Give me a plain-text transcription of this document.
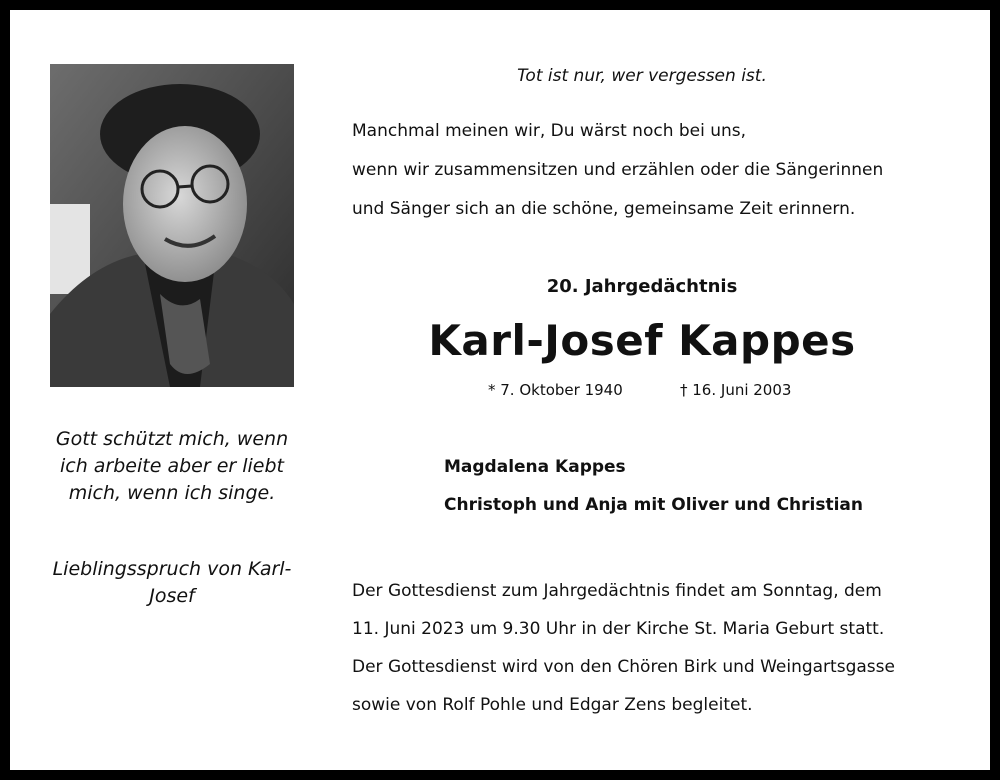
Gott schützt mich, wenn ich arbeite aber er liebt mich, wenn ich singe.
Lieblingsspruch von Karl-Josef
Tot ist nur, wer vergessen ist.
Manchmal meinen wir, Du wärst noch bei uns,
wenn wir zusammensitzen und erzählen oder die Sängerinnen
und Sänger sich an die schöne, gemeinsame Zeit erinnern.
20. Jahrgedächtnis
Karl-Josef Kappes
* 7. Oktober 1940	† 16. Juni 2003
Magdalena Kappes
Christoph und Anja mit Oliver und Christian
Der Gottesdienst zum Jahrgedächtnis findet am Sonntag, dem
11. Juni 2023 um 9.30 Uhr in der Kirche St. Maria Geburt statt.
Der Gottesdienst wird von den Chören Birk und Weingartsgasse
sowie von Rolf Pohle und Edgar Zens begleitet.
